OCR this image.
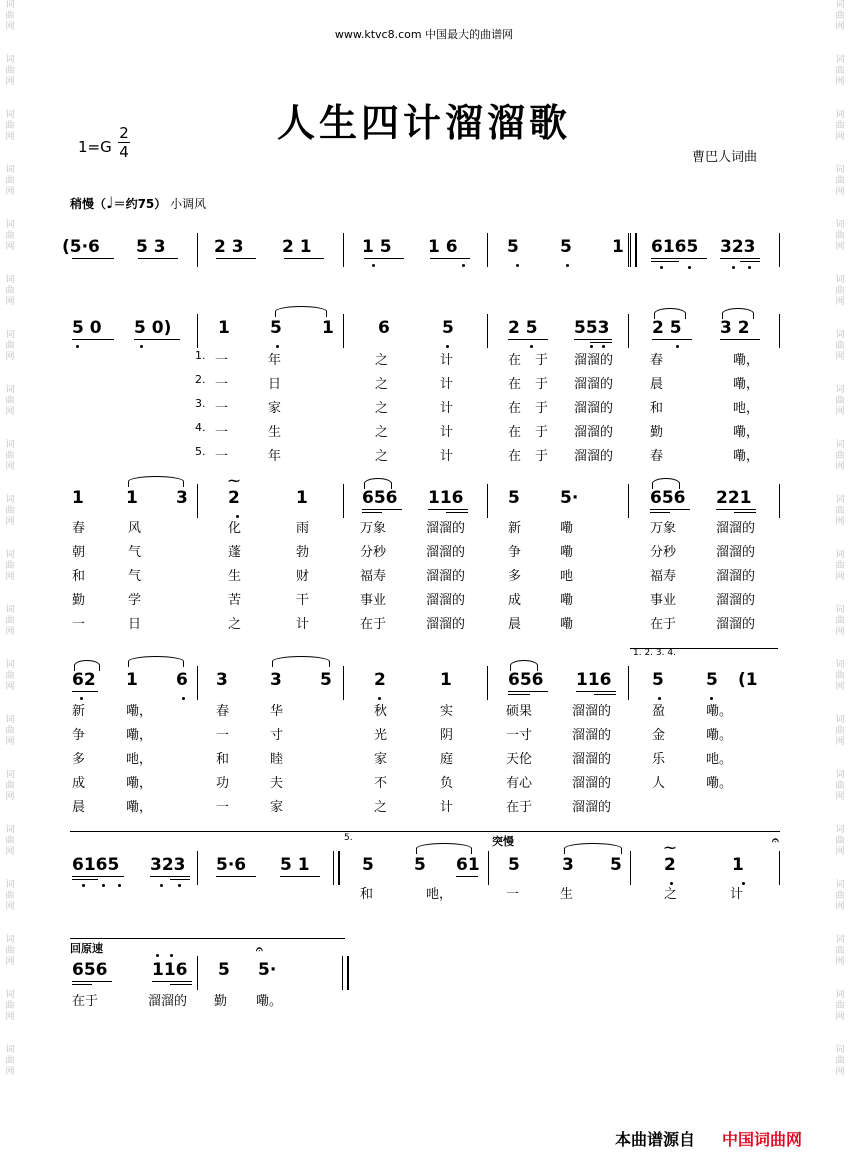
词
曲
网

词
曲
网

词
曲
网

词
曲
网

词
曲
网

词
曲
网

词
曲
网

词
曲
网

词
曲
网

词
曲
网

词
曲
网

词
曲
网

词
曲
网

词
曲
网

词
曲
网

词
曲
网

词
曲
网

词
曲
网

词
曲
网

词
曲
网

词
曲
网

词
曲
网

词
曲
网

词
曲
网

词
曲
网

词
曲
网

词
曲
网

词
曲
网

词
曲
网

词
曲
网

词
曲
网

词
曲
网

词
曲
网

词
曲
网

词
曲
网

词
曲
网

词
曲
网

词
曲
网

词
曲
网

词
曲
网

www.ktvc8.com 中国最大的曲谱网
人生四计溜溜歌
1=G
2
4	曹巴人词曲
稍慢（♩＝约75） 小调风
(5·6 5 3	2 3 2 1	1 5 1 6	5 5 1 6165 323
5 0 5 0)	1 5 1	6	5	2 5 553	2 5 3 2
1. 一	年	之	计	在 于 溜溜的	春	嘞，
2. 一	日	之	计	在 于 溜溜的	晨	嘞，
3. 一	家	之	计	在 于 溜溜的	和	吔，
4. 一	生	之	计	在 于 溜溜的	勤	嘞，
5. 一	年	之	计	在 于 溜溜的	春	嘞，
1 1 3 2	1	656 116	5 5·	656 221
⁓
春	风	化	雨	万象	溜溜的	新	嘞	万象	溜溜的
朝	气	蓬	勃	分秒	溜溜的	争	嘞	分秒	溜溜的
和	气	生	财	福寿	溜溜的	多	吔	福寿	溜溜的
勤	学	苦	干	事业	溜溜的	成	嘞	事业	溜溜的
一	日	之	计	在于	溜溜的	晨	嘞	在于	溜溜的
62 1 6 3 3 5 2	1	656 116 5 5 (1
1. 2. 3. 4.
新	嘞，	春	华	秋	实	硕果	溜溜的	盈	嘞。
争	嘞，	一	寸	光	阴	一寸	溜溜的	金	嘞。
多	吔，	和	睦	家	庭	天伦	溜溜的	乐	吔。
成	嘞，	功	夫	不	负	有心	溜溜的	人	嘞。
晨	嘞，	一	家	之	计	在于	溜溜的
6165 323 5·6 5 1	5 5 61 5 3 5 2	1
5.	突慢	⁓
𝄐
和	吔，	一	生	之	计
回原速
656	116 5 5·
𝄐
在于	溜溜的 勤 嘞。
本曲谱源自 中国词曲网
